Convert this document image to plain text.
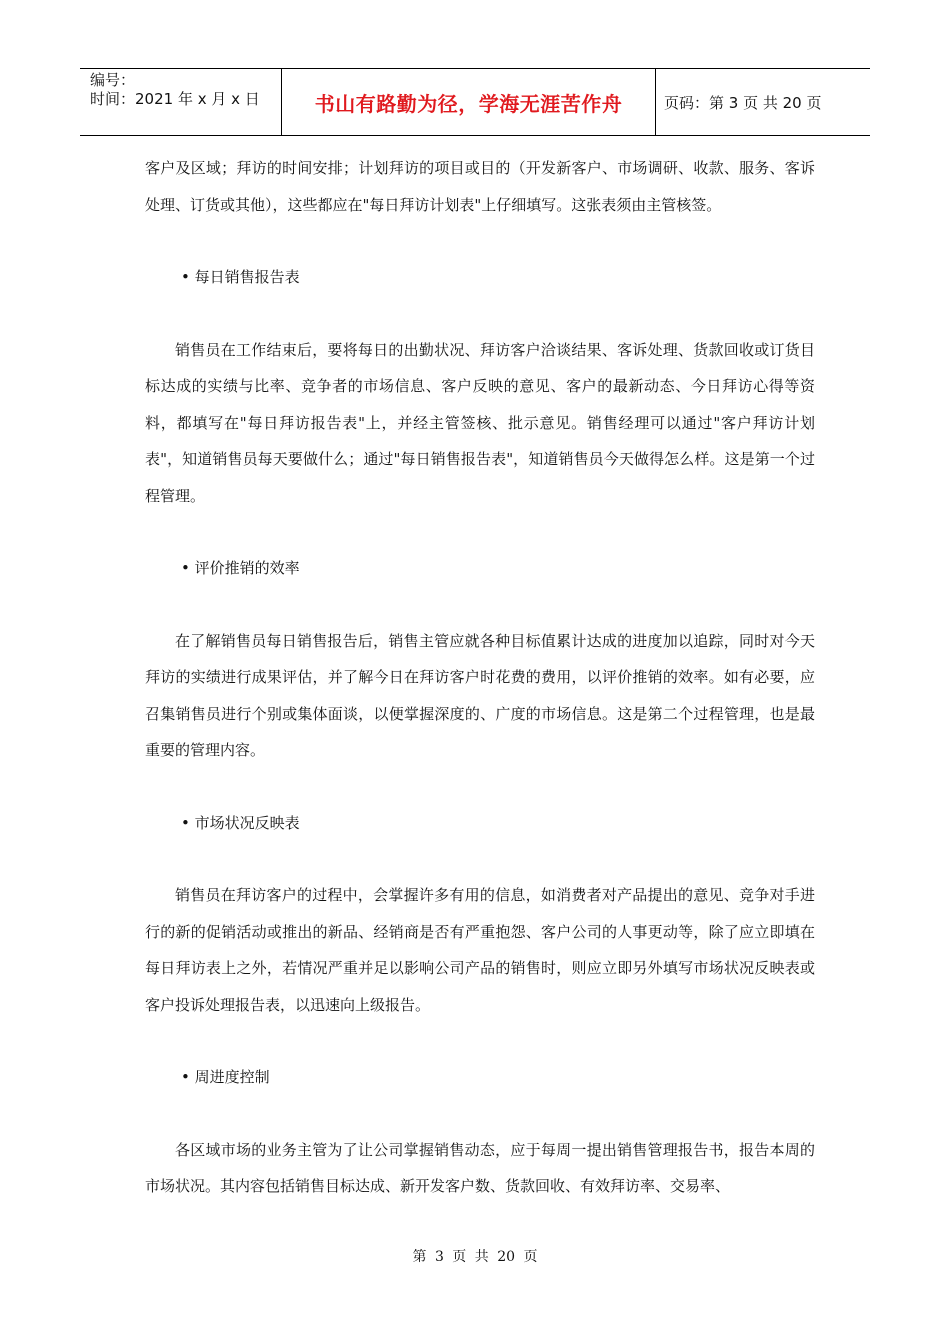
编号：
时间：2021 年 x 月 x 日	书山有路勤为径，学海无涯苦作舟	页码：第 3 页 共 20 页

客户及区域；拜访的时间安排；计划拜访的项目或目的（开发新客户、市场调研、收款、服务、客诉处理、订货或其他），这些都应在"每日拜访计划表"上仔细填写。这张表须由主管核签。

• 每日销售报告表

销售员在工作结束后，要将每日的出勤状况、拜访客户洽谈结果、客诉处理、货款回收或订货目标达成的实绩与比率、竞争者的市场信息、客户反映的意见、客户的最新动态、今日拜访心得等资料，都填写在"每日拜访报告表"上，并经主管签核、批示意见。销售经理可以通过"客户拜访计划表"，知道销售员每天要做什么；通过"每日销售报告表"，知道销售员今天做得怎么样。这是第一个过程管理。

• 评价推销的效率

在了解销售员每日销售报告后，销售主管应就各种目标值累计达成的进度加以追踪，同时对今天拜访的实绩进行成果评估，并了解今日在拜访客户时花费的费用，以评价推销的效率。如有必要，应召集销售员进行个别或集体面谈，以便掌握深度的、广度的市场信息。这是第二个过程管理，也是最重要的管理内容。

• 市场状况反映表

销售员在拜访客户的过程中，会掌握许多有用的信息，如消费者对产品提出的意见、竞争对手进行的新的促销活动或推出的新品、经销商是否有严重抱怨、客户公司的人事更动等，除了应立即填在每日拜访表上之外，若情况严重并足以影响公司产品的销售时，则应立即另外填写市场状况反映表或客户投诉处理报告表，以迅速向上级报告。

• 周进度控制

各区域市场的业务主管为了让公司掌握销售动态，应于每周一提出销售管理报告书，报告本周的市场状况。其内容包括销售目标达成、新开发客户数、货款回收、有效拜访率、交易率、

第 3 页 共 20 页
